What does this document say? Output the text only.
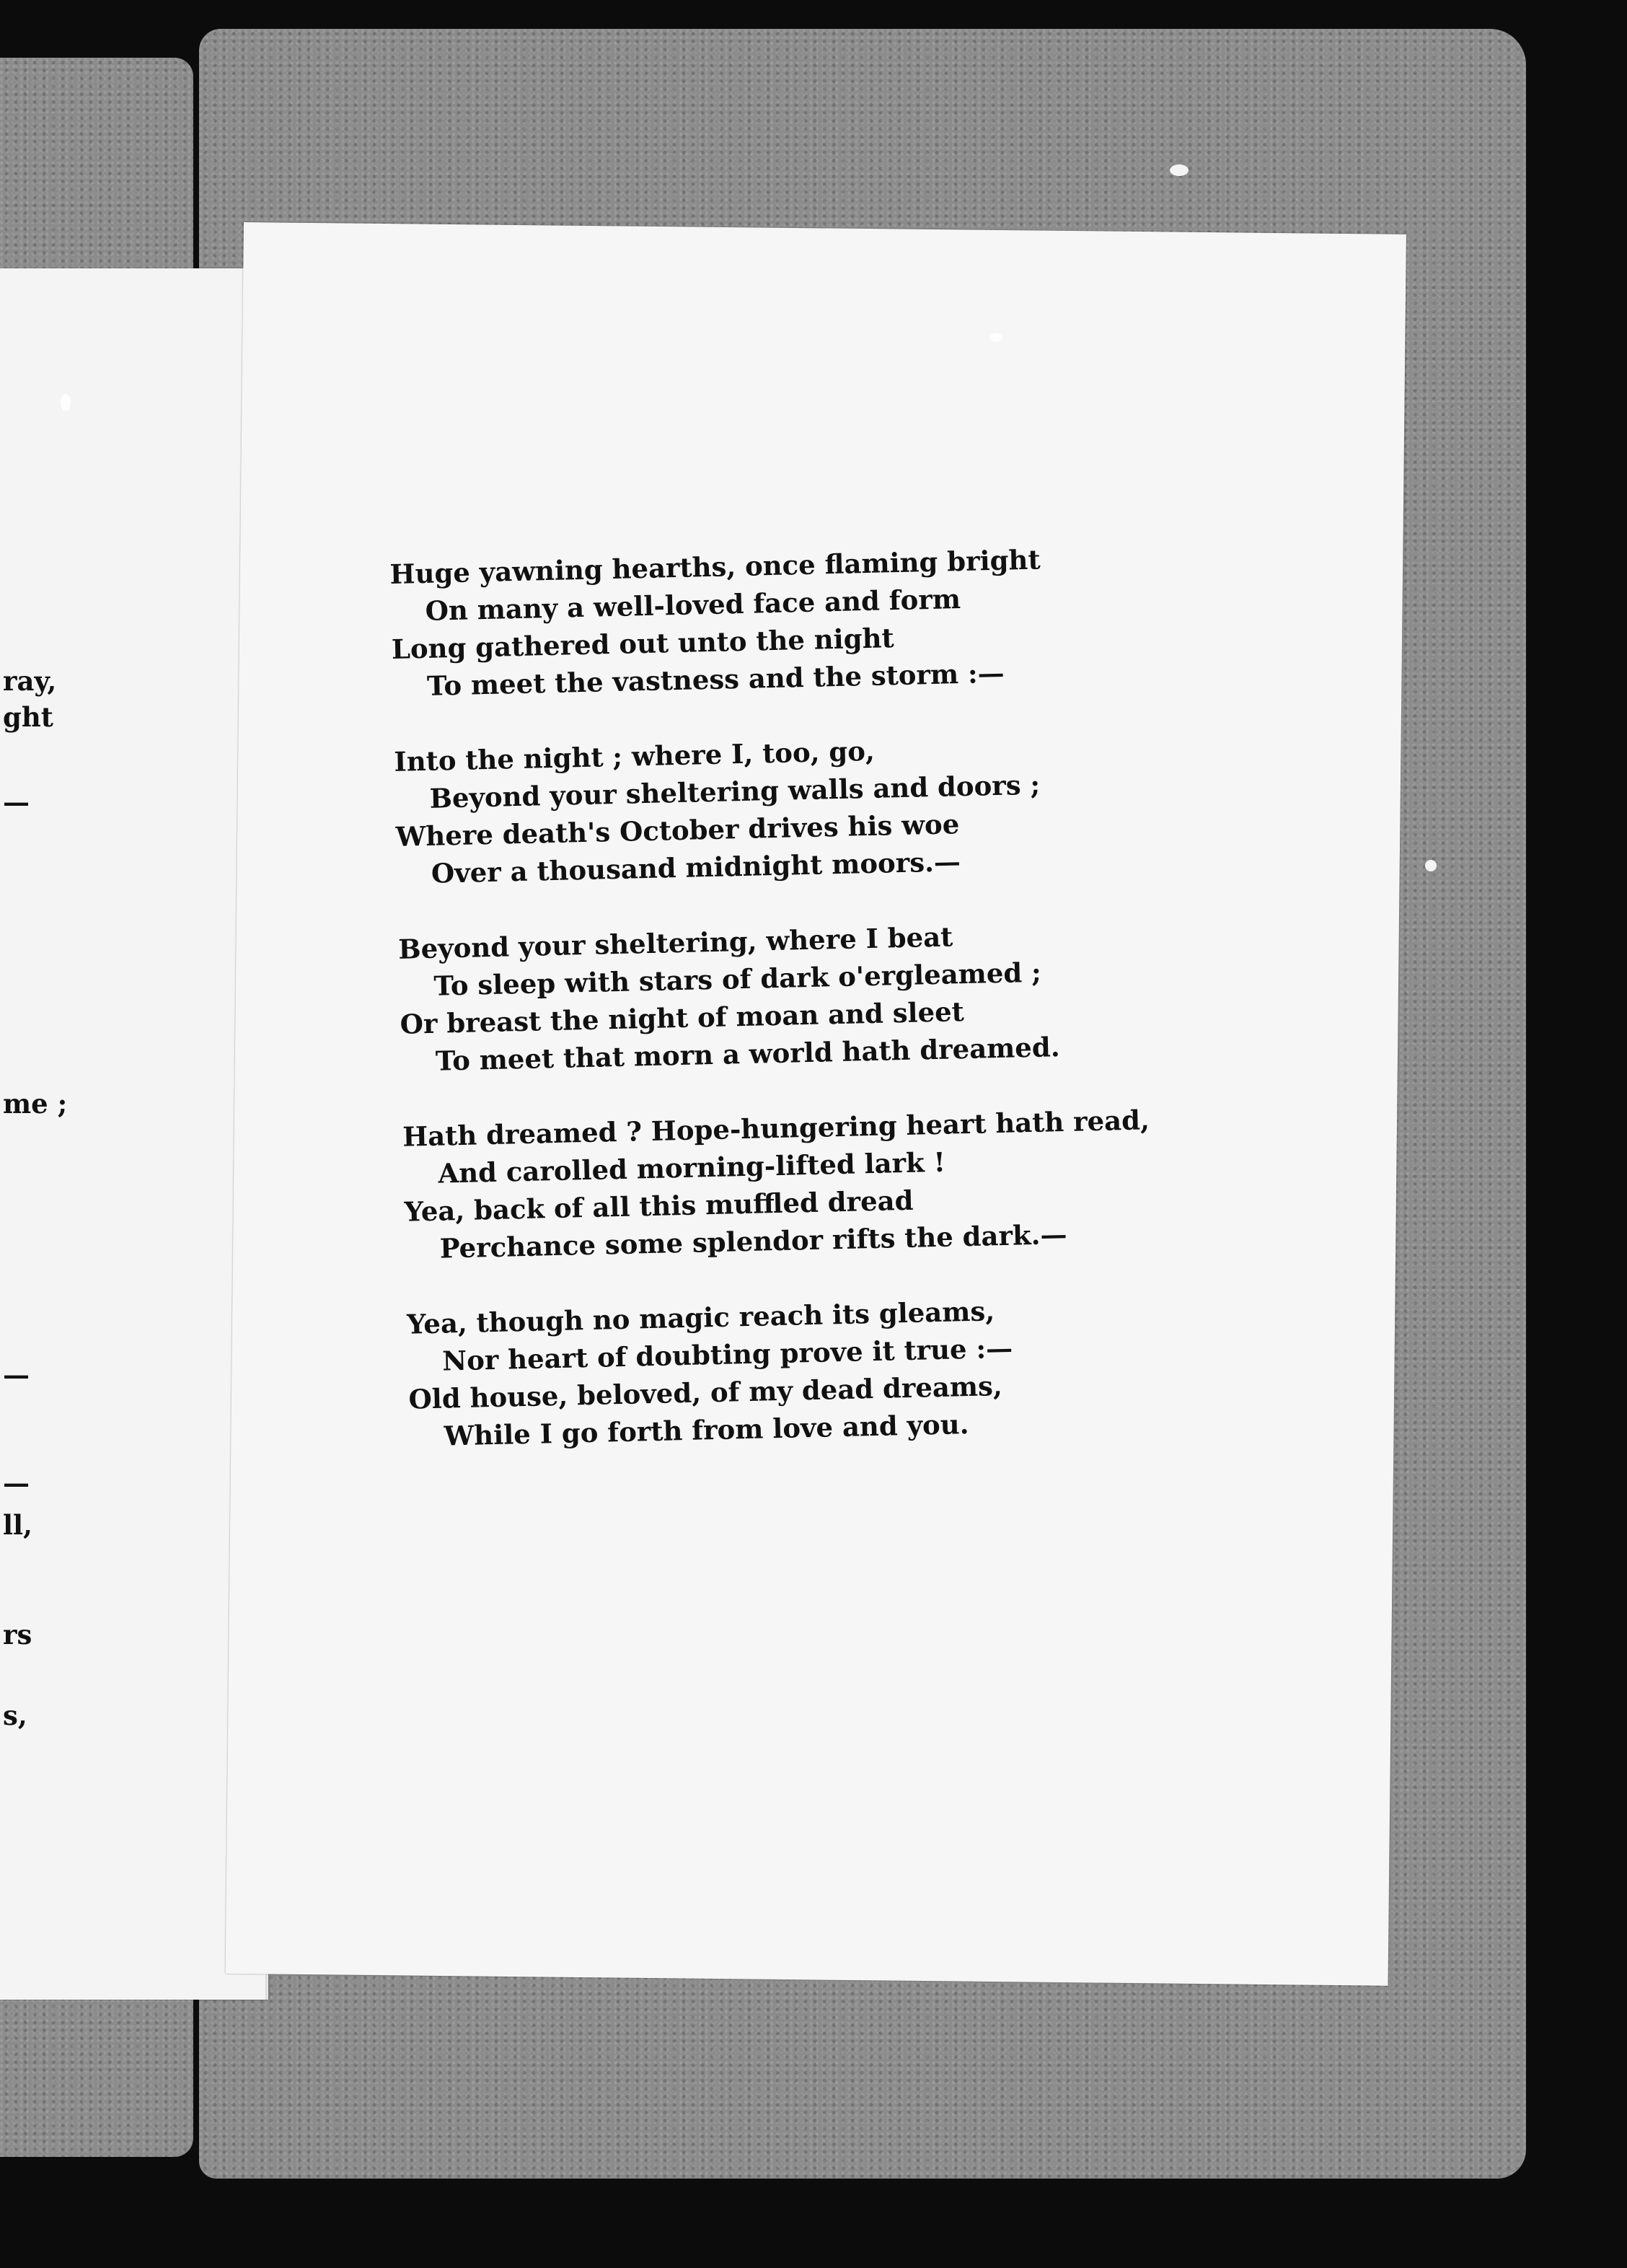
ray,
ght
—
me ;
—
—
ll,
rs
s,
Huge yawning hearths, once flaming bright
On many a well-loved face and form
Long gathered out unto the night
To meet the vastness and the storm :—
Into the night ; where I, too, go,
Beyond your sheltering walls and doors ;
Where death's October drives his woe
Over a thousand midnight moors.—
Beyond your sheltering, where I beat
To sleep with stars of dark o'ergleamed ;
Or breast the night of moan and sleet
To meet that morn a world hath dreamed.
Hath dreamed ? Hope-hungering heart hath read,
And carolled morning-lifted lark !
Yea, back of all this muffled dread
Perchance some splendor rifts the dark.—
Yea, though no magic reach its gleams,
Nor heart of doubting prove it true :—
Old house, beloved, of my dead dreams,
While I go forth from love and you.
